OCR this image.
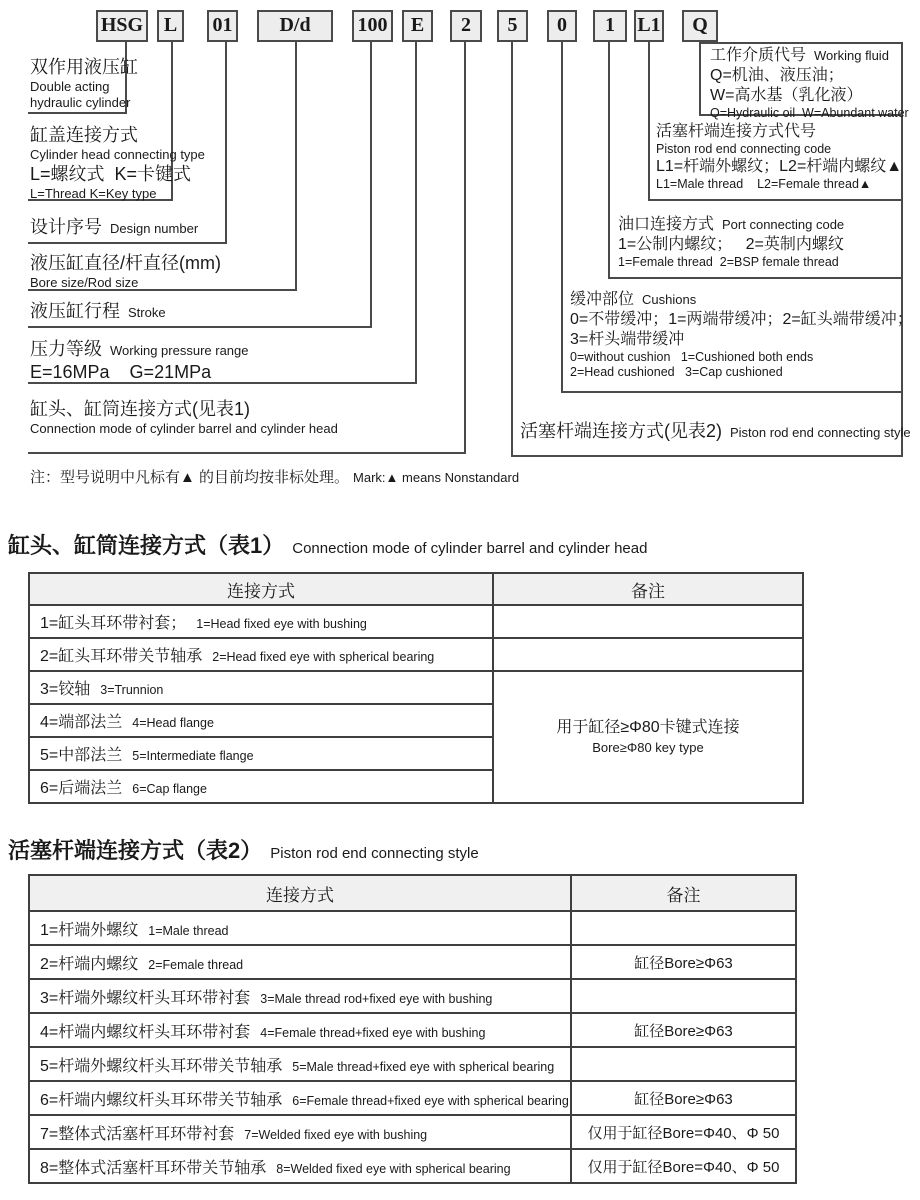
HSG	L	01	D/d	100	E	2	5	0	1	L1	Q
双作用液压缸
Double acting
hydraulic cylinder
缸盖连接方式
Cylinder head connecting type
L=螺纹式  K=卡键式
L=Thread K=Key type
设计序号 Design number
液压缸直径/杆直径(mm)
Bore size/Rod size
液压缸行程 Stroke
压力等级 Working pressure range
E=16MPa    G=21MPa
缸头、缸筒连接方式(见表1)
Connection mode of cylinder barrel and cylinder head
工作介质代号 Working fluid
Q=机油、液压油；
W=高水基（乳化液）
Q=Hydraulic oil  W=Abundant water
活塞杆端连接方式代号
Piston rod end connecting code
L1=杆端外螺纹；L2=杆端内螺纹▲
L1=Male thread    L2=Female thread▲
油口连接方式 Port connecting code
1=公制内螺纹；   2=英制内螺纹
1=Female thread  2=BSP female thread
缓冲部位 Cushions
0=不带缓冲；1=两端带缓冲；2=缸头端带缓冲；
3=杆头端带缓冲
0=without cushion   1=Cushioned both ends
2=Head cushioned   3=Cap cushioned
活塞杆端连接方式(见表2) Piston rod end connecting style
注：型号说明中凡标有▲ 的目前均按非标处理。 Mark:▲ means Nonstandard
缸头、缸筒连接方式（表1） Connection mode of cylinder barrel and cylinder head
连接方式	备注
1=缸头耳环带衬套； 1=Head fixed eye with bushing	
2=缸头耳环带关节轴承 2=Head fixed eye with spherical bearing	
3=铰轴 3=Trunnion	用于缸径≥Φ80卡键式连接
Bore≥Φ80 key type

4=端部法兰 4=Head flange	
5=中部法兰 5=Intermediate flange	
6=后端法兰 6=Cap flange	
活塞杆端连接方式（表2） Piston rod end connecting style
连接方式	备注
1=杆端外螺纹 1=Male thread	
2=杆端内螺纹 2=Female thread	缸径Bore≥Φ63
3=杆端外螺纹杆头耳环带衬套 3=Male thread rod+fixed eye with bushing	
4=杆端内螺纹杆头耳环带衬套 4=Female thread+fixed eye with bushing	缸径Bore≥Φ63
5=杆端外螺纹杆头耳环带关节轴承 5=Male thread+fixed eye with spherical bearing	
6=杆端内螺纹杆头耳环带关节轴承 6=Female thread+fixed eye with spherical bearing	缸径Bore≥Φ63
7=整体式活塞杆耳环带衬套 7=Welded fixed eye with bushing	仅用于缸径Bore=Φ40、Φ 50
8=整体式活塞杆耳环带关节轴承 8=Welded fixed eye with spherical bearing	仅用于缸径Bore=Φ40、Φ 50
